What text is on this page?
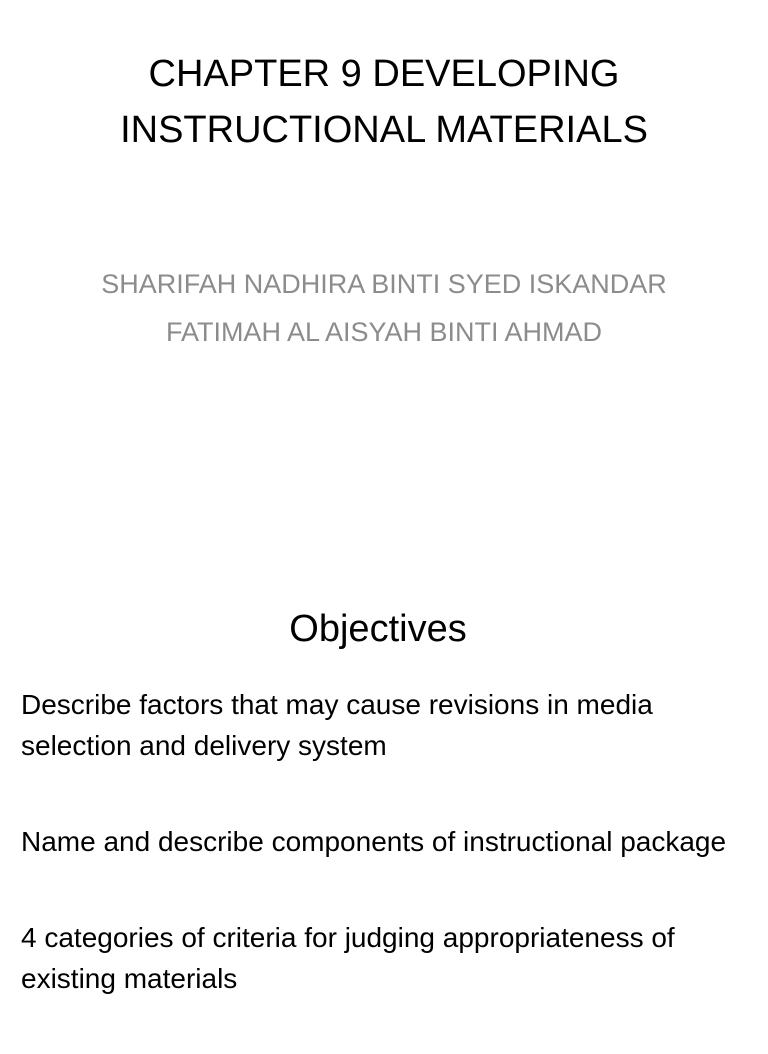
CHAPTER 9 DEVELOPING
INSTRUCTIONAL MATERIALS
SHARIFAH NADHIRA BINTI SYED ISKANDAR
FATIMAH AL AISYAH BINTI AHMAD
Objectives
Describe factors that may cause revisions in media selection and delivery system
Name and describe components of instructional package
4 categories of criteria for judging appropriateness of existing materials
